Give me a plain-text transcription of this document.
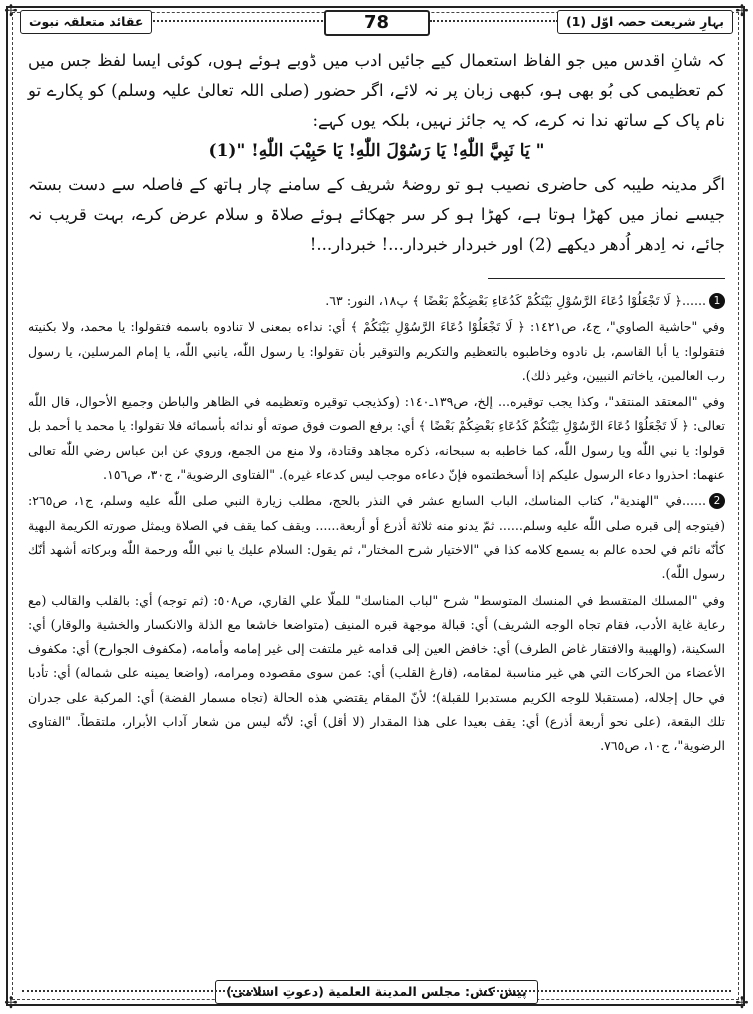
✢	✢
✢	✢
بہارِ شریعت حصہ اوّل (1)
78
عقائد متعلقہ نبوت

کہ شانِ اقدس میں جو الفاظ استعمال کیے جائیں ادب میں ڈوبے ہوئے ہوں، کوئی ایسا لفظ جس میں کم تعظیمی کی بُو بھی ہو، کبھی زبان پر نہ لائے، اگر حضور (صلی اللہ تعالیٰ علیہ وسلم) کو پکارے تو نام پاک کے ساتھ ندا نہ کرے، کہ یہ جائز نہیں، بلکہ یوں کہے:

" يَا نَبِيَّ اللّٰهِ! يَا رَسُوْلَ اللّٰهِ! يَا حَبِيْبَ اللّٰهِ! "(1)

اگر مدینہ طیبہ کی حاضری نصیب ہو تو روضۂ شریف کے سامنے چار ہاتھ کے فاصلہ سے دست بستہ جیسے نماز میں کھڑا ہوتا ہے، کھڑا ہو کر سر جھکائے ہوئے صلاۃ و سلام عرض کرے، بہت قریب نہ جائے، نہ اِدھر اُدھر دیکھے (2) اور خبردار خبردار...! خبردار...!

1......﴿ لَا تَجْعَلُوْا دُعَاءَ الرَّسُوْلِ بَيْنَكُمْ كَدُعَاءِ بَعْضِكُمْ بَعْضًا ﴾ پ١٨، النور: ٦٣.

وفي "حاشية الصاوي"، ج٤، ص١٤٢١: ﴿ لَا تَجْعَلُوْا دُعَاءَ الرَّسُوْلِ بَيْنَكُمْ ﴾ أي: نداءه بمعنى لا تنادوه باسمه فتقولوا: يا محمد، ولا بكنيته فتقولوا: يا أبا القاسم، بل نادوه وخاطبوه بالتعظيم والتكريم والتوقير بأن تقولوا: يا رسول اللّٰه، يانبي اللّٰه، يا إمام المرسلين، يا رسول رب العالمين، ياخاتم النبيين، وغير ذلك).

وفي "المعتقد المنتقد"، وكذا يجب توقيره... إلخ، ص١٣٩ـ١٤٠: (وكذيجب توقيره وتعظيمه في الظاهر والباطن وجميع الأحوال، قال اللّٰه تعالى: ﴿ لَا تَجْعَلُوْا دُعَاءَ الرَّسُوْلِ بَيْنَكُمْ كَدُعَاءِ بَعْضِكُمْ بَعْضًا ﴾ أي: برفع الصوت فوق صوته أو ندائه بأسمائه فلا تقولوا: يا محمد يا أحمد بل قولوا: يا نبي اللّٰه ويا رسول اللّٰه، كما خاطبه به سبحانه، ذكره مجاهد وقتادة، ولا منع من الجمع، وروي عن ابن عباس رضي اللّٰه تعالى عنهما: احذروا دعاء الرسول عليكم إذا أسخطتموه فإنّ دعاءه موجب ليس كدعاء غيره). "الفتاوى الرضوية"، ج٣٠، ص١٥٦.

2......في "الهندية"، كتاب المناسك، الباب السابع عشر في النذر بالحج، مطلب زيارة النبي صلى اللّٰه عليه وسلم، ج١، ص٢٦٥: (فيتوجه إلى قبره صلى اللّٰه عليه وسلم...... ثمّ يدنو منه ثلاثة أذرع أو أربعة...... ويقف كما يقف في الصلاة ويمثل صورته الكريمة البهية كأنّه نائم في لحده عالم به يسمع كلامه كذا في "الاختيار شرح المختار"، ثم يقول: السلام عليك يا نبي اللّٰه ورحمة اللّٰه وبركاته أشهد أنّك رسول اللّٰه).

وفي "المسلك المتقسط في المنسك المتوسط" شرح "لباب المناسك" للملّا علي القاري، ص٥٠٨: (ثم توجه) أي: بالقلب والقالب (مع رعاية غاية الأدب، فقام تجاه الوجه الشريف) أي: قبالة موجهة قبره المنيف (متواضعا خاشعا مع الذلة والانكسار والخشية والوقار) أي: السكينة، (والهيبة والافتقار غاض الطرف) أي: خافض العين إلى قدامه غير ملتفت إلى غير إمامه وأمامه، (مكفوف الجوارح) أي: مكفوف الأعضاء من الحركات التي هي غير مناسبة لمقامه، (فارغ القلب) أي: عمن سوى مقصوده ومرامه، (واضعا يمينه على شماله) أي: تأدبا في حال إجلاله، (مستقبلا للوجه الكريم مستدبرا للقبلة)؛ لأنّ المقام يقتضي هذه الحالة (تجاه مسمار الفضة) أي: المركبة على جدران تلك البقعة، (على نحو أربعة أذرع) أي: يقف بعيدا على هذا المقدار (لا أقل) أي: لأنّه ليس من شعار آداب الأبرار، ملتقطاً. "الفتاوى الرضوية"، ج١٠، ص٧٦٥.

پیش کش: مجلس المدينة العلمية (دعوتِ اسلامی)
